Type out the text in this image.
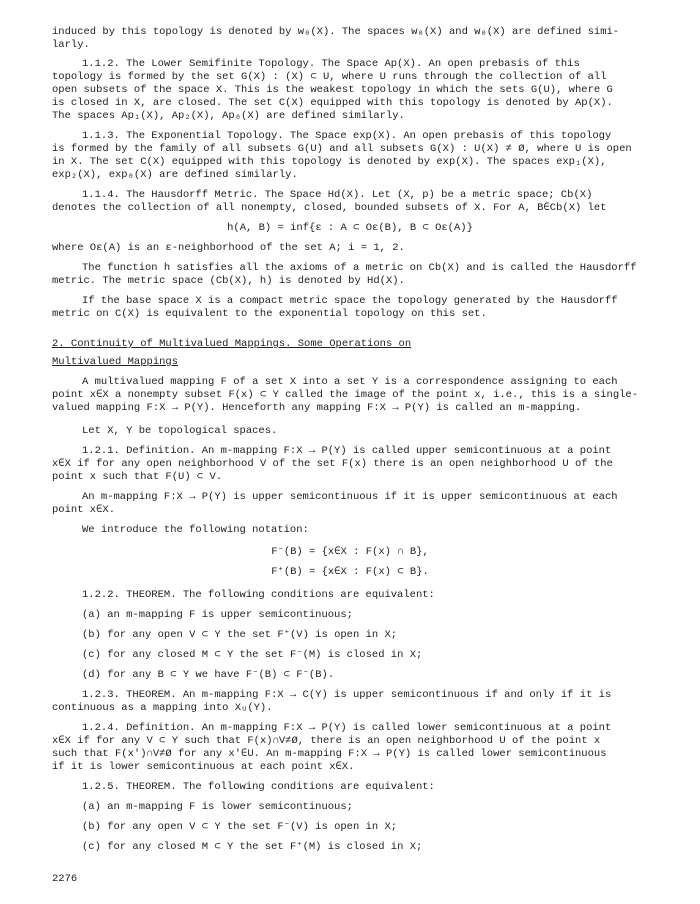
induced by this topology is denoted by w₀(X). The spaces w₀(X) and w₀(X) are defined simi-
larly.
1.1.2. The Lower Semifinite Topology. The Space Ap(X). An open prebasis of this
topology is formed by the set G(X) : (X) ⊂ U, where U runs through the collection of all
open subsets of the space X. This is the weakest topology in which the sets G(U), where G
is closed in X, are closed. The set C(X) equipped with this topology is denoted by Ap(X).
The spaces Ap₁(X), Ap₂(X), Ap₀(X) are defined similarly.
1.1.3. The Exponential Topology. The Space exp(X). An open prebasis of this topology
is formed by the family of all subsets G(U) and all subsets G(X) : U(X) ≠ Ø, where U is open
in X. The set C(X) equipped with this topology is denoted by exp(X). The spaces exp₁(X),
exp₂(X), exp₀(X) are defined similarly.
1.1.4. The Hausdorff Metric. The Space Hd(X). Let (X, p) be a metric space; Cb(X)
denotes the collection of all nonempty, closed, bounded subsets of X. For A, B∈Cb(X) let
h(A, B) = inf{ε : A ⊂ Oε(B), B ⊂ Oε(A)}
where Oε(A) is an ε-neighborhood of the set A; i = 1, 2.
The function h satisfies all the axioms of a metric on Cb(X) and is called the Hausdorff
metric. The metric space (Cb(X), h) is denoted by Hd(X).
If the base space X is a compact metric space the topology generated by the Hausdorff
metric on C(X) is equivalent to the exponential topology on this set.
2. Continuity of Multivalued Mappings. Some Operations on
Multivalued Mappings
A multivalued mapping F of a set X into a set Y is a correspondence assigning to each
point x∈X a nonempty subset F(x) ⊂ Y called the image of the point x, i.e., this is a single-
valued mapping F:X → P(Y). Henceforth any mapping F:X → P(Y) is called an m-mapping.
Let X, Y be topological spaces.
1.2.1. Definition. An m-mapping F:X → P(Y) is called upper semicontinuous at a point
x∈X if for any open neighborhood V of the set F(x) there is an open neighborhood U of the
point x such that F(U) ⊂ V.
An m-mapping F:X → P(Y) is upper semicontinuous if it is upper semicontinuous at each
point x∈X.
We introduce the following notation:
F⁻(B) = {x∈X : F(x) ∩ B},
F⁺(B) = {x∈X : F(x) ⊂ B}.
1.2.2. THEOREM. The following conditions are equivalent:
(a) an m-mapping F is upper semicontinuous;
(b) for any open V ⊂ Y the set F⁺(V) is open in X;
(c) for any closed M ⊂ Y the set F⁻(M) is closed in X;
(d) for any B ⊂ Y we have F⁻(B) ⊂ F⁻(B).
1.2.3. THEOREM. An m-mapping F:X → C(Y) is upper semicontinuous if and only if it is
continuous as a mapping into Xᵤ(Y).
1.2.4. Definition. An m-mapping F:X → P(Y) is called lower semicontinuous at a point
x∈X if for any V ⊂ Y such that F(x)∩V≠Ø, there is an open neighborhood U of the point x
such that F(x')∩V≠Ø for any x'∈U. An m-mapping F:X → P(Y) is called lower semicontinuous
if it is lower semicontinuous at each point x∈X.
1.2.5. THEOREM. The following conditions are equivalent:
(a) an m-mapping F is lower semicontinuous;
(b) for any open V ⊂ Y the set F⁻(V) is open in X;
(c) for any closed M ⊂ Y the set F⁺(M) is closed in X;
2276
